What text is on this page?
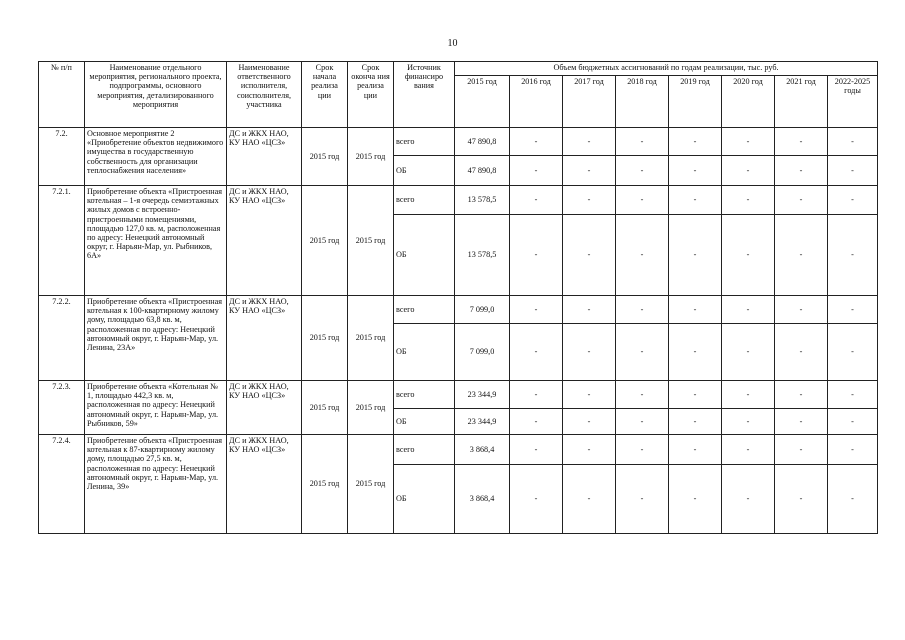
10
№ п/п	Наименование отдельного мероприятия, регионального проекта, подпрограммы, основного мероприятия, детализированного мероприятия	Наименование ответственного исполнителя, соисполнителя, участника	Срок начала реализа ции	Срок оконча ния реализа ции	Источник финансиро вания	Объем бюджетных ассигнований по годам реализации, тыс. руб.							
						2015 год	2016 год	2017 год	2018 год	2019 год	2020 год	2021 год	2022-2025 годы
7.2.	Основное мероприятие 2 «Приобретение объектов недвижимого имущества в государственную собственность для организации теплоснабжения населения»	ДС и ЖКХ НАО, КУ НАО «ЦСЗ»	2015 год	2015 год	всего	47 890,8	-	-	-	-	-	-	-
					ОБ	47 890,8	-	-	-	-	-	-	-
7.2.1.	Приобретение объекта «Пристроенная котельная – 1-я очередь семиэтажных жилых домов с встроенно-пристроенными помещениями, площадью 127,0 кв. м, расположенная по адресу: Ненецкий автономный округ, г. Нарьян-Мар, ул. Рыбников, 6А»	ДС и ЖКХ НАО, КУ НАО «ЦСЗ»	2015 год	2015 год	всего	13 578,5	-	-	-	-	-	-	-
					ОБ	13 578,5	-	-	-	-	-	-	-
7.2.2.	Приобретение объекта «Пристроенная котельная к 100-квартирному жилому дому, площадью 63,8 кв. м, расположенная по адресу: Ненецкий автономный округ, г. Нарьян-Мар, ул. Ленина, 23А»	ДС и ЖКХ НАО, КУ НАО «ЦСЗ»	2015 год	2015 год	всего	7 099,0	-	-	-	-	-	-	-
					ОБ	7 099,0	-	-	-	-	-	-	-
7.2.3.	Приобретение объекта «Котельная № 1, площадью 442,3 кв. м, расположенная по адресу: Ненецкий автономный округ, г. Нарьян-Мар, ул. Рыбников, 59»	ДС и ЖКХ НАО, КУ НАО «ЦСЗ»	2015 год	2015 год	всего	23 344,9	-	-	-	-	-	-	-
					ОБ	23 344,9	-	-	-	-	-	-	-
7.2.4.	Приобретение объекта «Пристроенная котельная к 87-квартирному жилому дому, площадью 27,5 кв. м, расположенная по адресу: Ненецкий автономный округ, г. Нарьян-Мар, ул. Ленина, 39»	ДС и ЖКХ НАО, КУ НАО «ЦСЗ»	2015 год	2015 год	всего	3 868,4	-	-	-	-	-	-	-
					ОБ	3 868,4	-	-	-	-	-	-	-
